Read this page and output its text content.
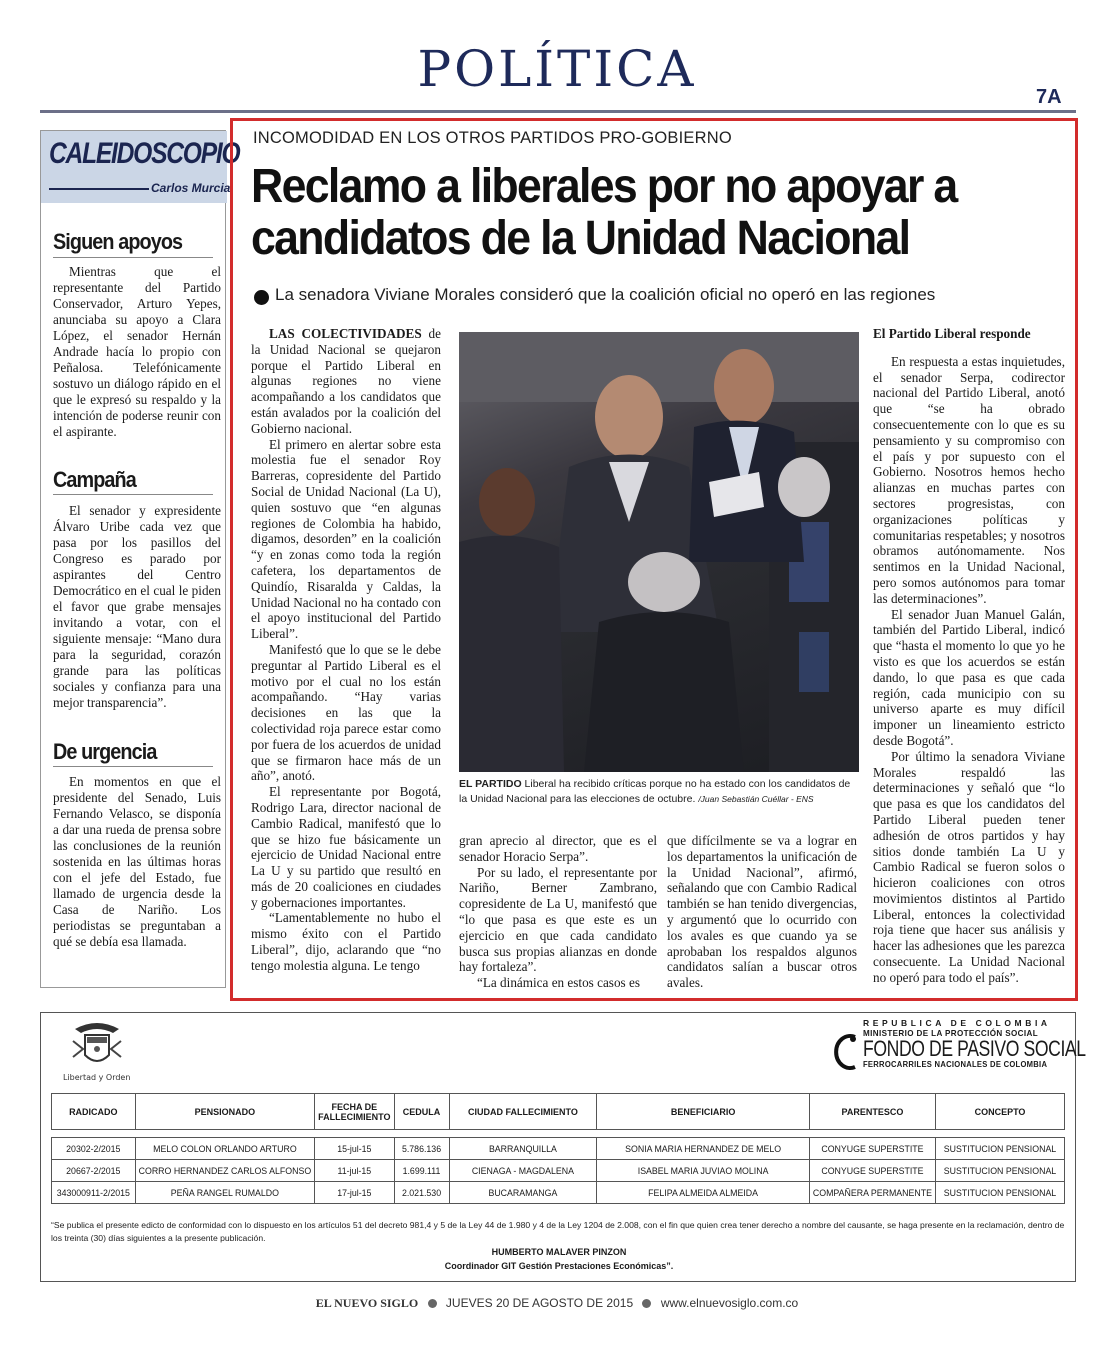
POLÍTICA	7A
CALEIDOSCOPIO
Carlos Murcia
Siguen apoyos
Mientras que el representante del Partido Conservador, Arturo Yepes, anunciaba su apoyo a Clara López, el senador Hernán Andrade hacía lo propio con Peñalosa. Telefónicamente sostuvo un diálogo rápido en el que le expresó su respaldo y la intención de poderse reunir con el aspirante.
Campaña
El senador y expresidente Álvaro Uribe cada vez que pasa por los pasillos del Congreso es parado por aspirantes del Centro Democrático en el cual le piden el favor que grabe mensajes invitando a votar, con el siguiente mensaje: “Mano dura para la seguridad, corazón grande para las políticas sociales y confianza para una mejor transparencia”.
De urgencia
En momentos en que el presidente del Senado, Luis Fernando Velasco, se disponía a dar una rueda de prensa sobre las conclusiones de la reunión sostenida en las últimas horas con el jefe del Estado, fue llamado de urgencia desde la Casa de Nariño. Los periodistas se preguntaban a qué se debía esa llamada.
INCOMODIDAD EN LOS OTROS PARTIDOS PRO-GOBIERNO
Reclamo a liberales por no apoyar a candidatos de la Unidad Nacional
La senadora Viviane Morales consideró que la coalición oficial no operó en las regiones

LAS COLECTIVIDADES de la Unidad Nacional se quejaron porque el Partido Liberal en algunas regiones no viene acompañando a los candidatos que están avalados por la coalición del Gobierno nacional.

El primero en alertar sobre esta molestia fue el senador Roy Barreras, copresidente del Partido Social de Unidad Nacional (La U), quien sostuvo que “en algunas regiones de Colombia ha habido, digamos, desorden” en la coalición “y en zonas como toda la región cafetera, los departamentos de Quindío, Risaralda y Caldas, la Unidad Nacional no ha contado con el apoyo institucional del Partido Liberal”.

Manifestó que lo que se le debe preguntar al Partido Liberal es el motivo por el cual no los están acompañando. “Hay varias decisiones en las que la colectividad roja parece estar como por fuera de los acuerdos de unidad que se firmaron hace más de un año”, anotó.

El representante por Bogotá, Rodrigo Lara, director nacional de Cambio Radical, manifestó que lo que se hizo fue básicamente un ejercicio de Unidad Nacional entre La U y su partido que resultó en más de 20 coaliciones en ciudades y gobernaciones importantes.

“Lamentablemente no hubo el mismo éxito con el Partido Liberal”, dijo, aclarando que “no tengo molestia alguna. Le tengo

EL PARTIDO Liberal ha recibido críticas porque no ha estado con los candidatos de la Unidad Nacional para las elecciones de octubre. /Juan Sebastián Cuéllar - ENS

gran aprecio al director, que es el senador Horacio Serpa”.

Por su lado, el representante por Nariño, Berner Zambrano, copresidente de La U, manifestó que “lo que pasa es que este es un ejercicio en que cada candidato busca sus propias alianzas en donde hay fortaleza”.

“La dinámica en estos casos es

que difícilmente se va a lograr en los departamentos la unificación de la Unidad Nacional”, afirmó, señalando que con Cambio Radical también se han tenido divergencias, y argumentó que lo ocurrido con los avales es que cuando ya se aprobaban los respaldos algunos candidatos salían a buscar otros avales.

El Partido Liberal responde

En respuesta a estas inquietudes, el senador Serpa, codirector nacional del Partido Liberal, anotó que “se ha obrado consecuentemente con lo que es su pensamiento y su compromiso con el país y por supuesto con el Gobierno. Nosotros hemos hecho alianzas en muchas partes con sectores progresistas, con organizaciones políticas y comunitarias respetables; y nosotros obramos autónomamente. Nos sentimos en la Unidad Nacional, pero somos autónomos para tomar las determinaciones”.

El senador Juan Manuel Galán, también del Partido Liberal, indicó que “hasta el momento lo que yo he visto es que los acuerdos se están dando, lo que pasa es que cada región, cada municipio con su universo aparte es muy difícil imponer un lineamiento estricto desde Bogotá”.

Por último la senadora Viviane Morales respaldó las determinaciones y señaló que “lo que pasa es que los candidatos del Partido Liberal pueden tener adhesión de otros partidos y hay sitios donde también La U y Cambio Radical se fueron solos o hicieron coaliciones con otros movimientos distintos al Partido Liberal, entonces la colectividad roja tiene que hacer sus análisis y hacer las adhesiones que les parezca consecuente. La Unidad Nacional no operó para todo el país”.

Libertad y Orden
REPUBLICA DE COLOMBIA
MINISTERIO DE LA PROTECCIÓN SOCIAL
FONDO DE PASIVO SOCIAL
FERROCARRILES NACIONALES DE COLOMBIA
RADICADO	PENSIONADO	FECHA DE FALLECIMIENTO	CEDULA	CIUDAD FALLECIMIENTO	BENEFICIARIO	PARENTESCO	CONCEPTO

20302-2/2015	MELO COLON ORLANDO ARTURO	15-jul-15	5.786.136	BARRANQUILLA	SONIA MARIA HERNANDEZ DE MELO	CONYUGE SUPERSTITE	SUSTITUCION PENSIONAL
20667-2/2015	CORRO HERNANDEZ CARLOS ALFONSO	11-jul-15	1.699.111	CIENAGA - MAGDALENA	ISABEL MARIA JUVIAO MOLINA	CONYUGE SUPERSTITE	SUSTITUCION PENSIONAL
343000911-2/2015	PEÑA RANGEL RUMALDO	17-jul-15	2.021.530	BUCARAMANGA	FELIPA ALMEIDA ALMEIDA	COMPAÑERA PERMANENTE	SUSTITUCION PENSIONAL
“Se publica el presente edicto de conformidad con lo dispuesto en los artículos 51 del decreto 981,4 y 5 de la Ley 44 de 1.980 y 4 de la Ley 1204 de 2.008, con el fin que quien crea tener derecho a nombre del causante, se haga presente en la reclamación, dentro de los treinta (30) días siguientes a la presente publicación.
HUMBERTO MALAVER PINZON
Coordinador GIT Gestión Prestaciones Económicas”.
EL NUEVO SIGLO JUEVES 20 DE AGOSTO DE 2015 www.elnuevosiglo.com.co
